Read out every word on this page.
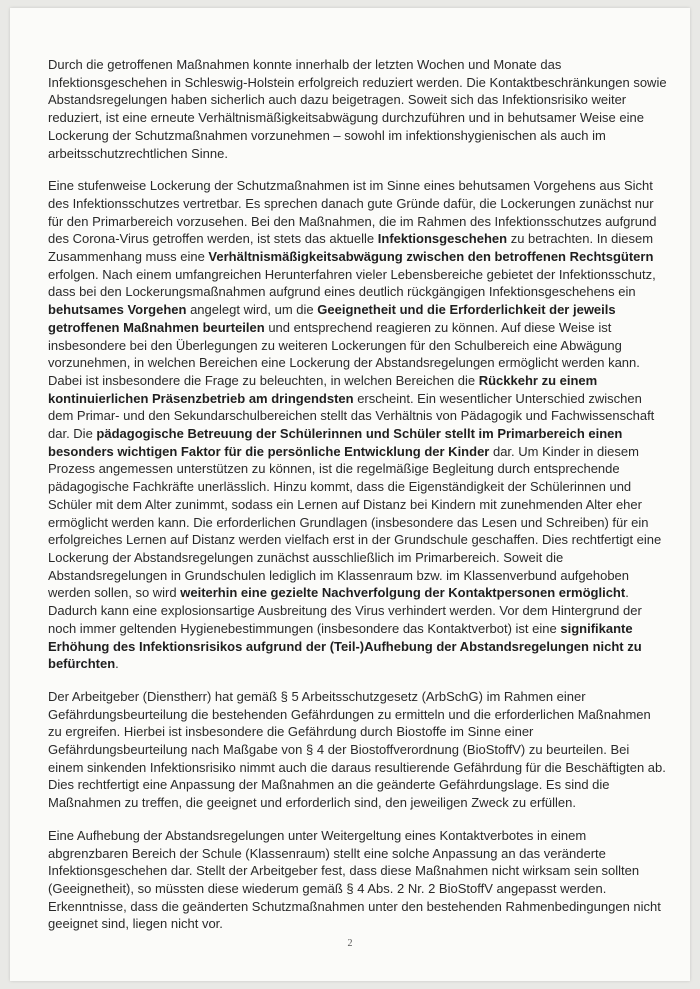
Durch die getroffenen Maßnahmen konnte innerhalb der letzten Wochen und Monate das Infektionsgeschehen in Schleswig-Holstein erfolgreich reduziert werden. Die Kontaktbeschränkungen sowie Abstandsregelungen haben sicherlich auch dazu beigetragen. Soweit sich das Infektionsrisiko weiter reduziert, ist eine erneute Verhältnismäßigkeitsabwägung durchzuführen und in behutsamer Weise eine Lockerung der Schutzmaßnahmen vorzunehmen – sowohl im infektionshygienischen als auch im arbeitsschutzrechtlichen Sinne.

Eine stufenweise Lockerung der Schutzmaßnahmen ist im Sinne eines behutsamen Vorgehens aus Sicht des Infektionsschutzes vertretbar. Es sprechen danach gute Gründe dafür, die Lockerungen zunächst nur für den Primarbereich vorzusehen. Bei den Maßnahmen, die im Rahmen des Infektionsschutzes aufgrund des Corona-Virus getroffen werden, ist stets das aktuelle Infektionsgeschehen zu betrachten. In diesem Zusammenhang muss eine Verhältnismäßigkeitsabwägung zwischen den betroffenen Rechtsgütern erfolgen. Nach einem umfangreichen Herunterfahren vieler Lebensbereiche gebietet der Infektionsschutz, dass bei den Lockerungsmaßnahmen aufgrund eines deutlich rückgängigen Infektionsgeschehens ein behutsames Vorgehen angelegt wird, um die Geeignetheit und die Erforderlichkeit der jeweils getroffenen Maßnahmen beurteilen und entsprechend reagieren zu können. Auf diese Weise ist insbesondere bei den Überlegungen zu weiteren Lockerungen für den Schulbereich eine Abwägung vorzunehmen, in welchen Bereichen eine Lockerung der Abstandsregelungen ermöglicht werden kann. Dabei ist insbesondere die Frage zu beleuchten, in welchen Bereichen die Rückkehr zu einem kontinuierlichen Präsenzbetrieb am dringendsten erscheint. Ein wesentlicher Unterschied zwischen dem Primar- und den Sekundarschulbereichen stellt das Verhältnis von Pädagogik und Fachwissenschaft dar. Die pädagogische Betreuung der Schülerinnen und Schüler stellt im Primarbereich einen besonders wichtigen Faktor für die persönliche Entwicklung der Kinder dar. Um Kinder in diesem Prozess angemessen unterstützen zu können, ist die regelmäßige Begleitung durch entsprechende pädagogische Fachkräfte unerlässlich. Hinzu kommt, dass die Eigenständigkeit der Schülerinnen und Schüler mit dem Alter zunimmt, sodass ein Lernen auf Distanz bei Kindern mit zunehmenden Alter eher ermöglicht werden kann. Die erforderlichen Grundlagen (insbesondere das Lesen und Schreiben) für ein erfolgreiches Lernen auf Distanz werden vielfach erst in der Grundschule geschaffen. Dies rechtfertigt eine Lockerung der Abstandsregelungen zunächst ausschließlich im Primarbereich. Soweit die Abstandsregelungen in Grundschulen lediglich im Klassenraum bzw. im Klassenverbund aufgehoben werden sollen, so wird weiterhin eine gezielte Nachverfolgung der Kontaktpersonen ermöglicht. Dadurch kann eine explosionsartige Ausbreitung des Virus verhindert werden. Vor dem Hintergrund der noch immer geltenden Hygienebestimmungen (insbesondere das Kontaktverbot) ist eine signifikante Erhöhung des Infektionsrisikos aufgrund der (Teil-)Aufhebung der Abstandsregelungen nicht zu befürchten.

Der Arbeitgeber (Dienstherr) hat gemäß § 5 Arbeitsschutzgesetz (ArbSchG) im Rahmen einer Gefährdungsbeurteilung die bestehenden Gefährdungen zu ermitteln und die erforderlichen Maßnahmen zu ergreifen. Hierbei ist insbesondere die Gefährdung durch Biostoffe im Sinne einer Gefährdungsbeurteilung nach Maßgabe von § 4 der Biostoffverordnung (BioStoffV) zu beurteilen. Bei einem sinkenden Infektionsrisiko nimmt auch die daraus resultierende Gefährdung für die Beschäftigten ab. Dies rechtfertigt eine Anpassung der Maßnahmen an die geänderte Gefährdungslage. Es sind die Maßnahmen zu treffen, die geeignet und erforderlich sind, den jeweiligen Zweck zu erfüllen.

Eine Aufhebung der Abstandsregelungen unter Weitergeltung eines Kontaktverbotes in einem abgrenzbaren Bereich der Schule (Klassenraum) stellt eine solche Anpassung an das veränderte Infektionsgeschehen dar. Stellt der Arbeitgeber fest, dass diese Maßnahmen nicht wirksam sein sollten (Geeignetheit), so müssten diese wiederum gemäß § 4 Abs. 2 Nr. 2 BioStoffV angepasst werden. Erkenntnisse, dass die geänderten Schutzmaßnahmen unter den bestehenden Rahmenbedingungen nicht geeignet sind, liegen nicht vor.

2
